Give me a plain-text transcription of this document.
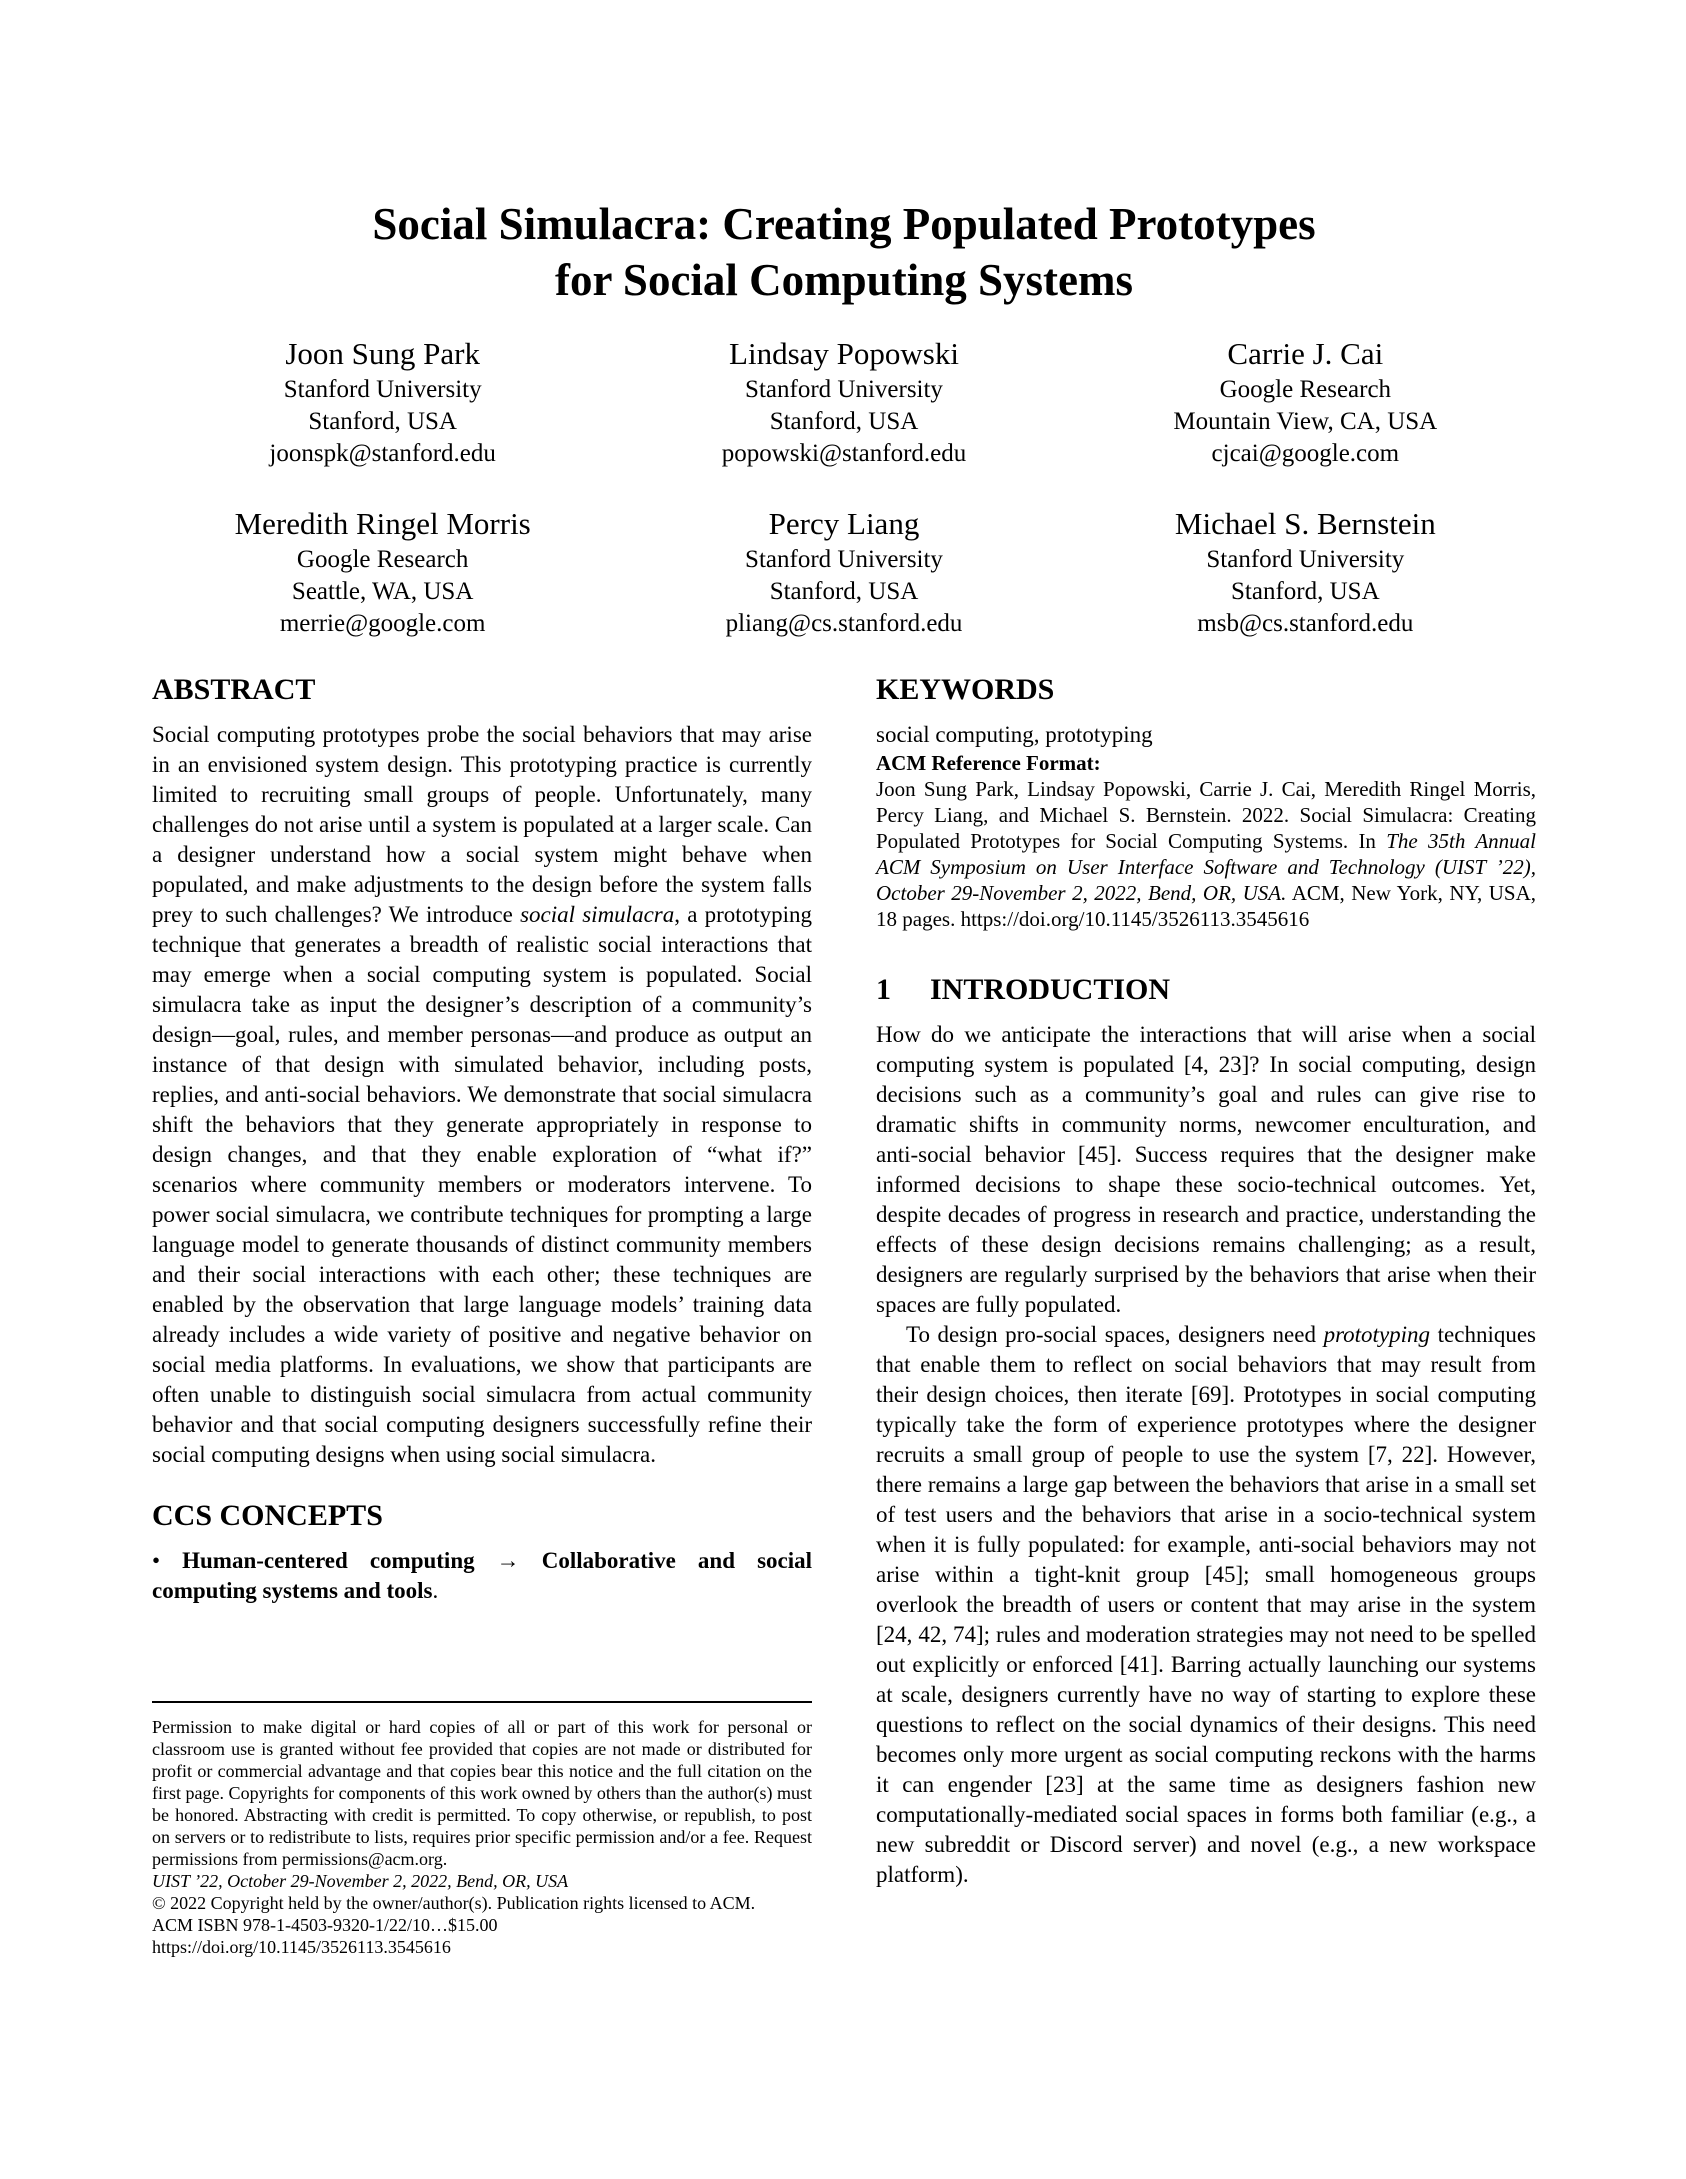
Social Simulacra: Creating Populated Prototypes
for Social Computing Systems
Joon Sung Park
Stanford University
Stanford, USA
joonspk@stanford.edu
Lindsay Popowski
Stanford University
Stanford, USA
popowski@stanford.edu
Carrie J. Cai
Google Research
Mountain View, CA, USA
cjcai@google.com
Meredith Ringel Morris
Google Research
Seattle, WA, USA
merrie@google.com
Percy Liang
Stanford University
Stanford, USA
pliang@cs.stanford.edu
Michael S. Bernstein
Stanford University
Stanford, USA
msb@cs.stanford.edu
ABSTRACT

Social computing prototypes probe the social behaviors that may arise in an envisioned system design. This prototyping practice is currently limited to recruiting small groups of people. Unfortunately, many challenges do not arise until a system is populated at a larger scale. Can a designer understand how a social system might behave when populated, and make adjustments to the design before the system falls prey to such challenges? We introduce social simulacra, a prototyping technique that generates a breadth of realistic social interactions that may emerge when a social computing system is populated. Social simulacra take as input the designer’s description of a community’s design—goal, rules, and member personas—and produce as output an instance of that design with simulated behavior, including posts, replies, and anti-social behaviors. We demonstrate that social simulacra shift the behaviors that they generate appropriately in response to design changes, and that they enable exploration of “what if?” scenarios where community members or moderators intervene. To power social simulacra, we contribute techniques for prompting a large language model to generate thousands of distinct community members and their social interactions with each other; these techniques are enabled by the observation that large language models’ training data already includes a wide variety of positive and negative behavior on social media platforms. In evaluations, we show that participants are often unable to distinguish social simulacra from actual community behavior and that social computing designers successfully refine their social computing designs when using social simulacra.

CCS CONCEPTS

• Human-centered computing → Collaborative and social computing systems and tools.

Permission to make digital or hard copies of all or part of this work for personal or classroom use is granted without fee provided that copies are not made or distributed for profit or commercial advantage and that copies bear this notice and the full citation on the first page. Copyrights for components of this work owned by others than the author(s) must be honored. Abstracting with credit is permitted. To copy otherwise, or republish, to post on servers or to redistribute to lists, requires prior specific permission and/or a fee. Request permissions from permissions@acm.org.

UIST ’22, October 29-November 2, 2022, Bend, OR, USA

© 2022 Copyright held by the owner/author(s). Publication rights licensed to ACM.

ACM ISBN 978-1-4503-9320-1/22/10…$15.00

https://doi.org/10.1145/3526113.3545616

KEYWORDS

social computing, prototyping

ACM Reference Format:
Joon Sung Park, Lindsay Popowski, Carrie J. Cai, Meredith Ringel Morris, Percy Liang, and Michael S. Bernstein. 2022. Social Simulacra: Creating Populated Prototypes for Social Computing Systems. In The 35th Annual ACM Symposium on User Interface Software and Technology (UIST ’22), October 29-November 2, 2022, Bend, OR, USA. ACM, New York, NY, USA, 18 pages. https://doi.org/10.1145/3526113.3545616

1 INTRODUCTION

How do we anticipate the interactions that will arise when a social computing system is populated [4, 23]? In social computing, design decisions such as a community’s goal and rules can give rise to dramatic shifts in community norms, newcomer enculturation, and anti-social behavior [45]. Success requires that the designer make informed decisions to shape these socio-technical outcomes. Yet, despite decades of progress in research and practice, understanding the effects of these design decisions remains challenging; as a result, designers are regularly surprised by the behaviors that arise when their spaces are fully populated.

To design pro-social spaces, designers need prototyping techniques that enable them to reflect on social behaviors that may result from their design choices, then iterate [69]. Prototypes in social computing typically take the form of experience prototypes where the designer recruits a small group of people to use the system [7, 22]. However, there remains a large gap between the behaviors that arise in a small set of test users and the behaviors that arise in a socio-technical system when it is fully populated: for example, anti-social behaviors may not arise within a tight-knit group [45]; small homogeneous groups overlook the breadth of users or content that may arise in the system [24, 42, 74]; rules and moderation strategies may not need to be spelled out explicitly or enforced [41]. Barring actually launching our systems at scale, designers currently have no way of starting to explore these questions to reflect on the social dynamics of their designs. This need becomes only more urgent as social computing reckons with the harms it can engender [23] at the same time as designers fashion new computationally-mediated social spaces in forms both familiar (e.g., a new subreddit or Discord server) and novel (e.g., a new workspace platform).
